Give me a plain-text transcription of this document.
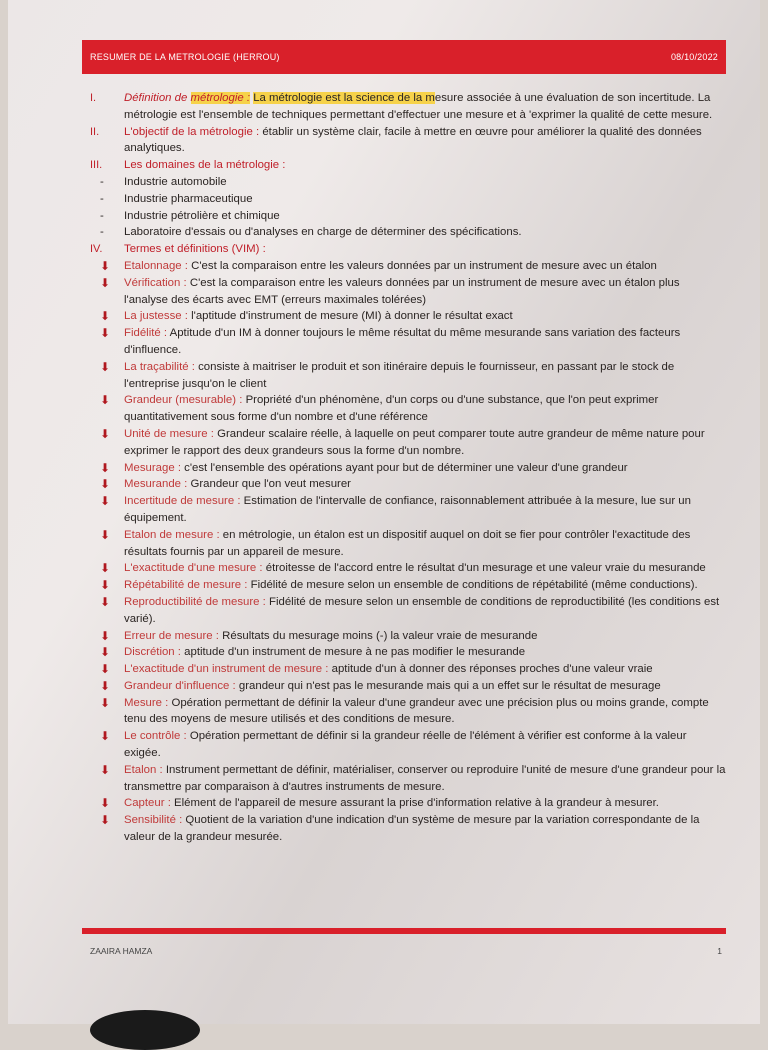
RESUMER DE LA METROLOGIE (HERROU)	08/10/2022
I.	Définition de métrologie : La métrologie est la science de la mesure associée à une évaluation de son incertitude. La métrologie est l'ensemble de techniques permettant d'effectuer une mesure et à 'exprimer la qualité de cette mesure.
II.	L'objectif de la métrologie : établir un système clair, facile à mettre en œuvre pour améliorer la qualité des données analytiques.
III.	Les domaines de la métrologie :
-	Industrie automobile
-	Industrie pharmaceutique
-	Industrie pétrolière et chimique
-	Laboratoire d'essais ou d'analyses en charge de déterminer des spécifications.
IV.	Termes et définitions (VIM) :
⬇	Etalonnage : C'est la comparaison entre les valeurs données par un instrument de mesure avec un étalon
⬇	Vérification : C'est la comparaison entre les valeurs données par un instrument de mesure avec un étalon plus l'analyse des écarts avec EMT (erreurs maximales tolérées)
⬇	La justesse : l'aptitude d'instrument de mesure (MI) à donner le résultat exact
⬇	Fidélité : Aptitude d'un IM à donner toujours le même résultat du même mesurande sans variation des facteurs d'influence.
⬇	La traçabilité : consiste à maitriser le produit et son itinéraire depuis le fournisseur, en passant par le stock de l'entreprise jusqu'on le client
⬇	Grandeur (mesurable) : Propriété d'un phénomène, d'un corps ou d'une substance, que l'on peut exprimer quantitativement sous forme d'un nombre et d'une référence
⬇	Unité de mesure : Grandeur scalaire réelle, à laquelle on peut comparer toute autre grandeur de même nature pour exprimer le rapport des deux grandeurs sous la forme d'un nombre.
⬇	Mesurage : c'est l'ensemble des opérations ayant pour but de déterminer une valeur d'une grandeur
⬇	Mesurande : Grandeur que l'on veut mesurer
⬇	Incertitude de mesure : Estimation de l'intervalle de confiance, raisonnablement attribuée à la mesure, lue sur un équipement.
⬇	Etalon de mesure : en métrologie, un étalon est un dispositif auquel on doit se fier pour contrôler l'exactitude des résultats fournis par un appareil de mesure.
⬇	L'exactitude d'une mesure : étroitesse de l'accord entre le résultat d'un mesurage et une valeur vraie du mesurande
⬇	Répétabilité de mesure : Fidélité de mesure selon un ensemble de conditions de répétabilité (même conductions).
⬇	Reproductibilité de mesure : Fidélité de mesure selon un ensemble de conditions de reproductibilité (les conditions est varié).
⬇	Erreur de mesure : Résultats du mesurage moins (-) la valeur vraie de mesurande
⬇	Discrétion : aptitude d'un instrument de mesure à ne pas modifier le mesurande
⬇	L'exactitude d'un instrument de mesure : aptitude d'un à donner des réponses proches d'une valeur vraie
⬇	Grandeur d'influence : grandeur qui n'est pas le mesurande mais qui a un effet sur le résultat de mesurage
⬇	Mesure : Opération permettant de définir la valeur d'une grandeur avec une précision plus ou moins grande, compte tenu des moyens de mesure utilisés et des conditions de mesure.
⬇	Le contrôle : Opération permettant de définir si la grandeur réelle de l'élément à vérifier est conforme à la valeur exigée.
⬇	Etalon : Instrument permettant de définir, matérialiser, conserver ou reproduire l'unité de mesure d'une grandeur pour la transmettre par comparaison à d'autres instruments de mesure.
⬇	Capteur : Elément de l'appareil de mesure assurant la prise d'information relative à la grandeur à mesurer.
⬇	Sensibilité : Quotient de la variation d'une indication d'un système de mesure par la variation correspondante de la valeur de la grandeur mesurée.
ZAAIRA HAMZA	1
